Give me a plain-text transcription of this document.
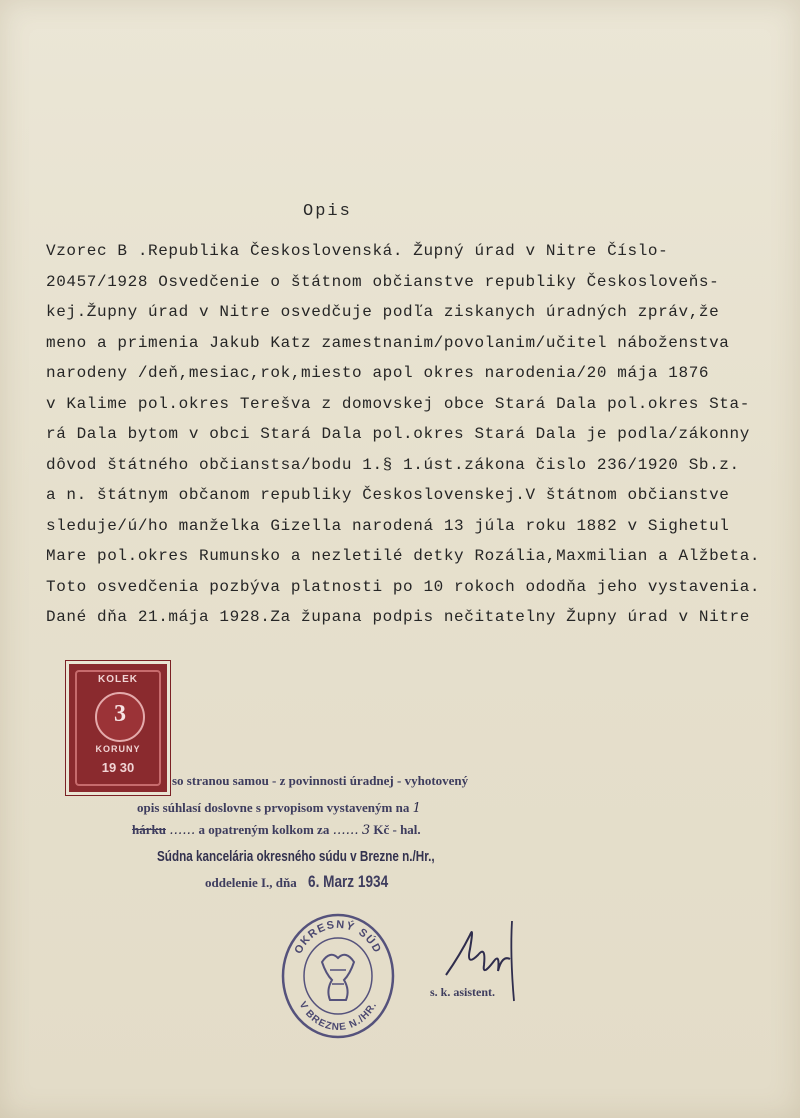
Opis
Vzorec B .Republika Československá. Župný úrad v Nitre Číslo-
20457/1928 Osvedčenie o štátnom občianstve republiky Českosloveňs-
kej.Župny úrad v Nitre osvedčuje podľa ziskanych úradných zpráv,že
meno a primenia Jakub Katz zamestnanim/povolanim/učitel náboženstva
narodeny /deň,mesiac,rok,miesto apol okres narodenia/20 mája 1876
v Kalime pol.okres Terešva z domovskej obce Stará Dala pol.okres Sta-
rá Dala bytom v obci Stará Dala pol.okres Stará Dala je podla/zákonny
dôvod štátného občianstsa/bodu 1.§ 1.úst.zákona čislo 236/1920 Sb.z.
a n. štátnym občanom republiky Československej.V štátnom občianstve
sleduje/ú/ho manželka Gizella narodená 13 júla roku 1882 v Sighetul
Mare pol.okres Rumunsko a nezletilé detky Rozália,Maxmilian a Alžbeta.
Toto osvedčenia pozbýva platnosti po 10 rokoch ododňa jeho vystavenia.
Dané dňa 21.mája 1928.Za župana podpis nečitatelny Župny úrad v Nitre
KOLEK
3
KORUNY
19 30
so stranou samou - z povinnosti úradnej - vyhotovený
opis súhlasí doslovne s prvopisom vystaveným na 1
hárku …… a opatreným kolkom za …… 3 Kč - hal.
Súdna kancelária okresného súdu v Brezne n./Hr.,
oddelenie I., dňa 6. Marz 1934
OKRESNÝ SÚD
V BREZNE N./HR.
s. k. asistent.
